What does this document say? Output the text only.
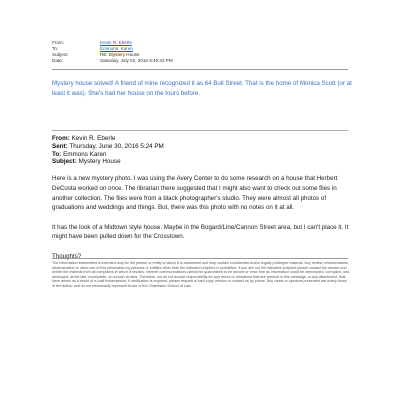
From:	Kevin R. Eberle
To:	Emmons, Karen
Subject:	RE: Mystery House
Date:	Saturday, July 02, 2016 8:40:42 PM
Mystery house solved! A friend of mine recognized it as 64 Bull Street. That is the home of Monica Scott (or at least it was). She's had her house on the tours before.
From: Kevin R. Eberle
Sent: Thursday, June 30, 2016 5:24 PM
To: Emmons Karen
Subject: Mystery House

Here is a new mystery photo. I was using the Avery Center to do some research on a house that Herbert DeCosta worked on once. The librarian there suggested that I might also want to check out some files in another collection. The files were from a black photographer's studio. They were almost all photos of graduations and weddings and things. But, there was this photo with no notes on it at all.

It has the look of a Midtown style house. Maybe in the Bogard/Line/Cannon Street area, but I can't place it. It might have been pulled down for the Crosstown.

Thoughts?

The information transmitted is intended only for the person or entity to which it is addressed and may contain confidential and/or legally privileged material. Any review, retransmission, dissemination or other use of this information by persons or entities other than the intended recipient is prohibited. If you are not the intended recipient please contact the sender and delete the material from all computers in which it resides. Internet communications cannot be guaranteed to be secure or error-free as information could be intercepted, corrupted, lost, destroyed, arrive late, incomplete, or contain viruses. Therefore, we do not accept responsibility for any errors or omissions that are present in this message, or any attachment, that have arisen as a result of e-mail transmission. If verification is required, please request a hard-copy version or contact us by phone. Any views or opinions presented are solely those of the author and do not necessarily represent those of the Charleston School of Law.
